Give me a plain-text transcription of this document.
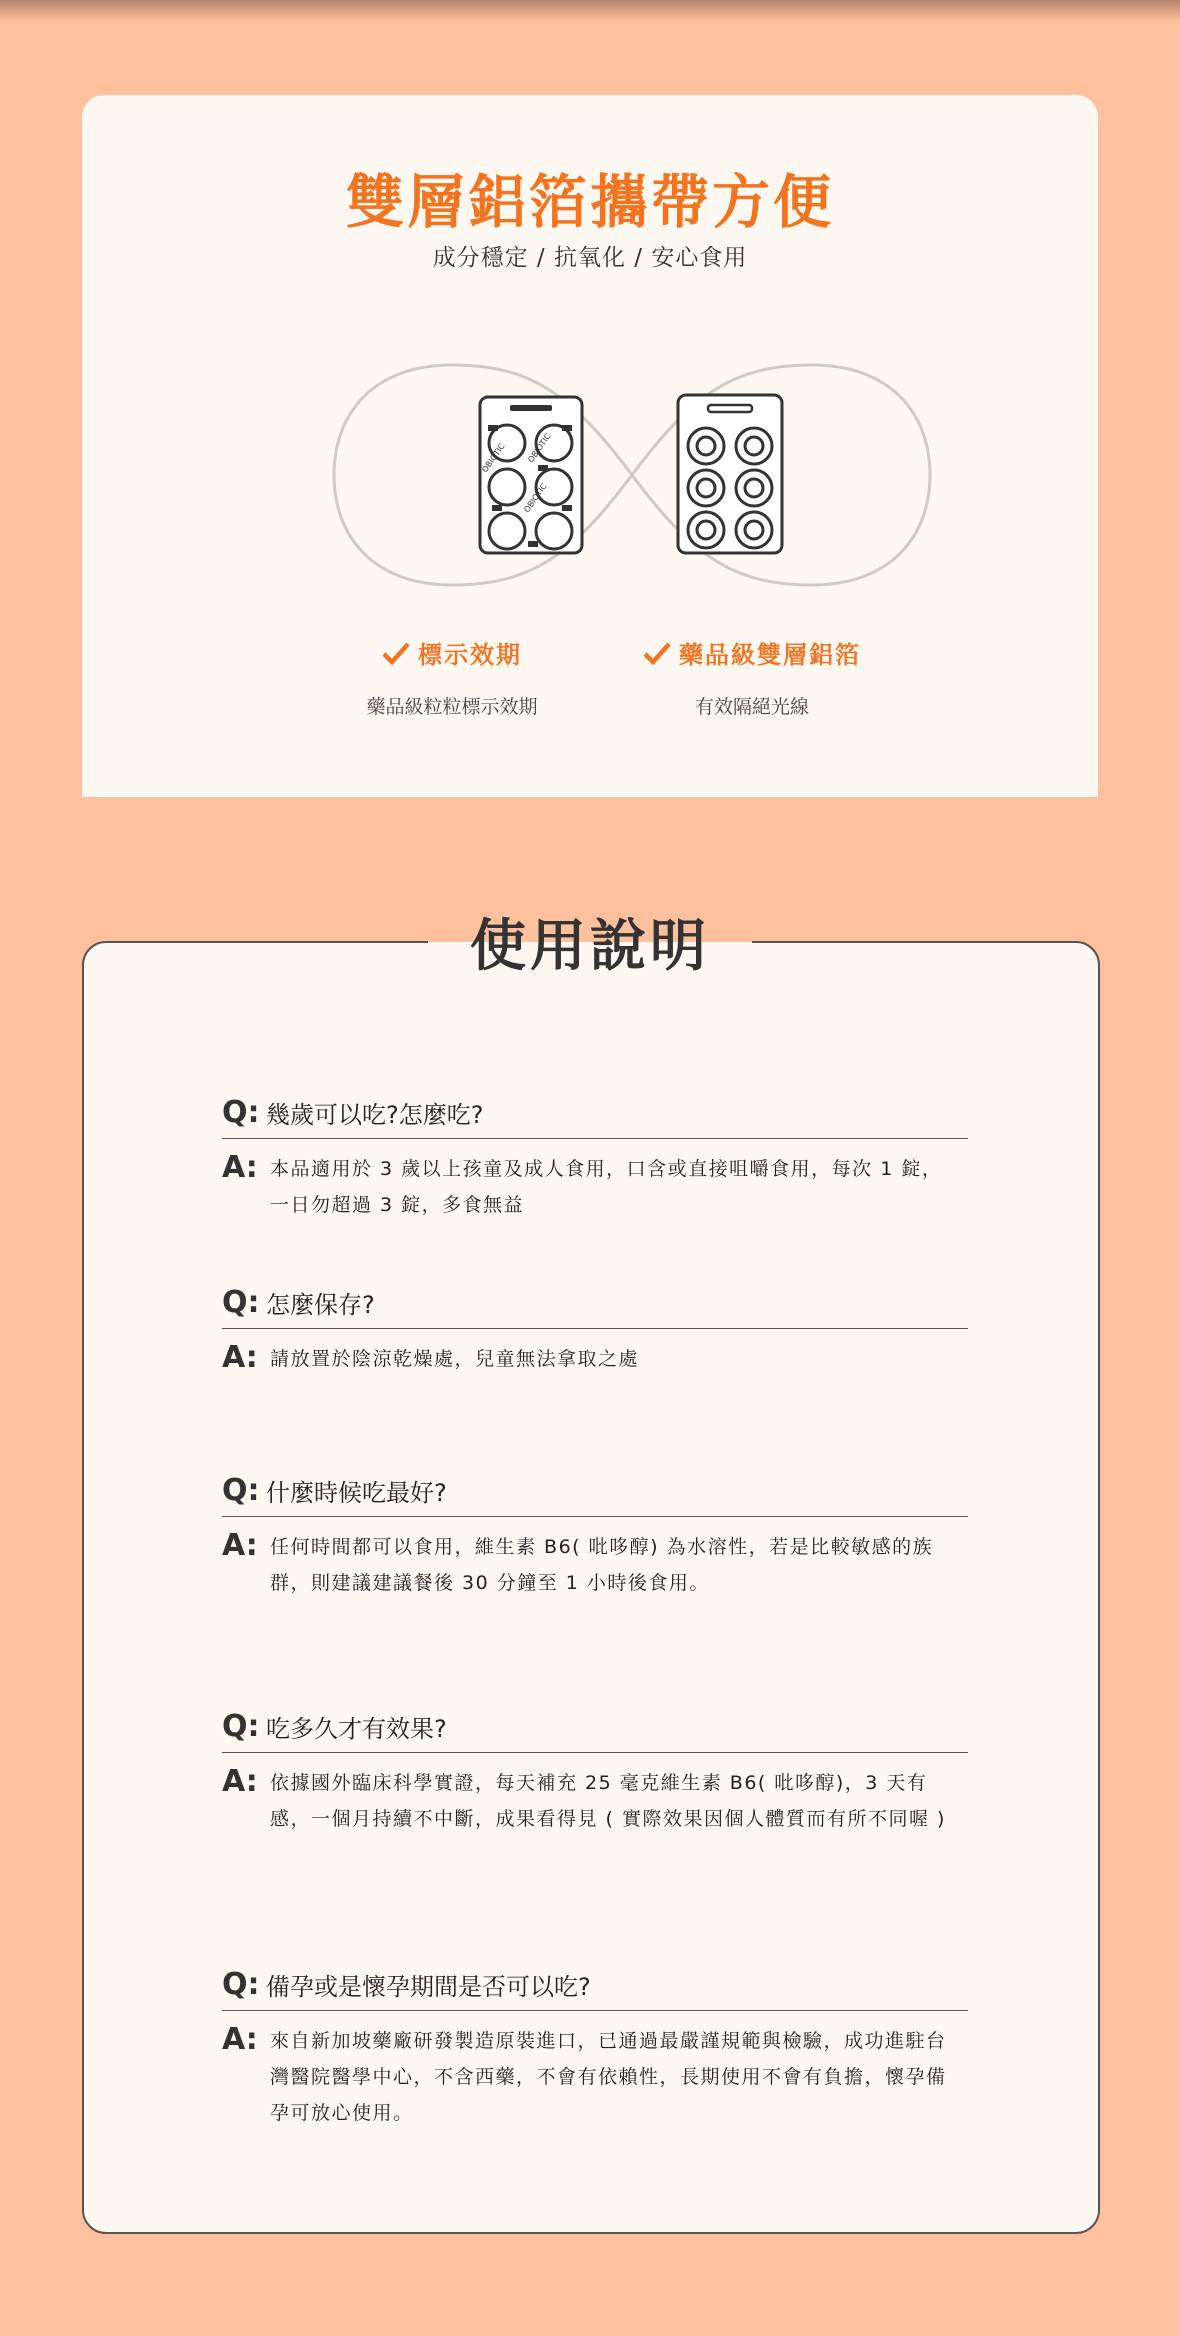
雙層鋁箔攜帶方便
成分穩定 / 抗氧化 / 安心食用
OBIOTIC
OBIOTIC
OBIOTIC
標示效期
藥品級粒粒標示效期
藥品級雙層鋁箔
有效隔絕光線
使用說明
Q: 幾歲可以吃?怎麼吃?
A: 本品適用於 3 歲以上孩童及成人食用，口含或直接咀嚼食用，每次 1 錠，一日勿超過 3 錠，多食無益
Q: 怎麼保存?
A: 請放置於陰涼乾燥處，兒童無法拿取之處
Q: 什麼時候吃最好?
A: 任何時間都可以食用，維生素 B6( 吡哆醇) 為水溶性，若是比較敏感的族群，則建議建議餐後 30 分鐘至 1 小時後食用。
Q: 吃多久才有效果?
A: 依據國外臨床科學實證，每天補充 25 毫克維生素 B6( 吡哆醇)，3 天有感，一個月持續不中斷，成果看得見 ( 實際效果因個人體質而有所不同喔 )
Q: 備孕或是懷孕期間是否可以吃?
A: 來自新加坡藥廠研發製造原裝進口，已通過最嚴謹規範與檢驗，成功進駐台灣醫院醫學中心，不含西藥，不會有依賴性，長期使用不會有負擔，懷孕備孕可放心使用。
